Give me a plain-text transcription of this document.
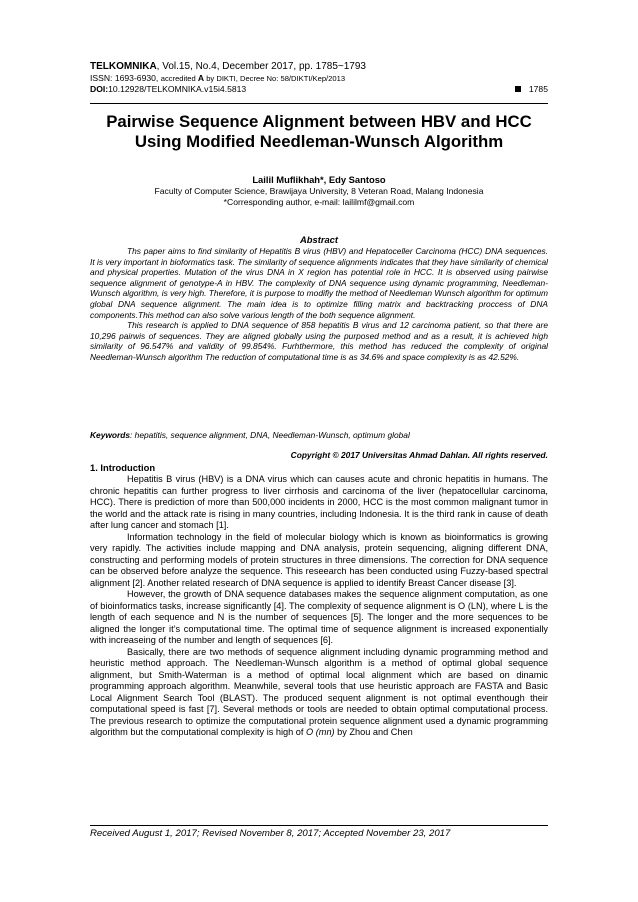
TELKOMNIKA, Vol.15, No.4, December 2017, pp. 1785~1793
ISSN: 1693-6930, accredited A by DIKTI, Decree No: 58/DIKTI/Kep/2013
DOI:10.12928/TELKOMNIKA.v15i4.5813	1785
Pairwise Sequence Alignment between HBV and HCC
Using Modified Needleman-Wunsch Algorithm
Lailil Muflikhah*, Edy Santoso
Faculty of Computer Science, Brawijaya University, 8 Veteran Road, Malang Indonesia
*Corresponding author, e-mail: laililmf@gmail.com
Abstract

Ths paper aims to find similarity of Hepatitis B virus (HBV) and Hepatoceller Carcinoma (HCC) DNA sequences. It is very important in bioformatics task. The similarity of sequence alignments indicates that they have similarity of chemical and physical properties. Mutation of the virus DNA in X region has potential role in HCC. It is observed using pairwise sequence alignment of genotype-A in HBV. The complexity of DNA sequence using dynamic programming, Needleman-Wunsch algorithm, is very high. Therefore, it is purpose to modifiy the method of Needleman Wunsch algorithm for optimum global DNA sequence alignment. The main idea is to optimize filling matrix and backtracking proccess of DNA components.This method can also solve various length of the both sequence alignment.

This research is applied to DNA sequence of 858 hepatitis B virus and 12 carcinoma patient, so that there are 10,296 pairwis of sequences. They are aligned globally using the purposed method and as a result, it is achieved high similarity of 96.547% and validity of 99.854%. Furhthermore, this method has reduced the complexity of original Needleman-Wunsch algorithm The reduction of computational time is as 34.6% and space complexity is as 42.52%.

Keywords: hepatitis, sequence alignment, DNA, Needleman-Wunsch, optimum global
Copyright © 2017 Universitas Ahmad Dahlan. All rights reserved.
1. Introduction

Hepatitis B virus (HBV) is a DNA virus which can causes acute and chronic hepatitis in humans. The chronic hepatitis can further progress to liver cirrhosis and carcinoma of the liver (hepatocellular carcinoma, HCC). There is prediction of more than 500,000 incidents in 2000, HCC is the most common malignant tumor in the world and the attack rate is rising in many countries, including Indonesia. It is the third rank in cause of death after lung cancer and stomach [1].

Information technology in the field of molecular biology which is known as bioinformatics is growing very rapidly. The activities include mapping and DNA analysis, protein sequencing, aligning different DNA, constructing and performing models of protein structures in three dimensions. The correction for DNA sequence can be observed before analyze the sequence. This reseearch has been conducted using Fuzzy-based spectral alignment [2]. Another related research of DNA sequence is applied to identify Breast Cancer disease [3].

However, the growth of DNA sequence databases makes the sequence alignment computation, as one of bioinformatics tasks, increase significantly [4]. The complexity of sequence alignment is O (LN), where L is the length of each sequence and N is the number of sequences [5]. The longer and the more sequences to be aligned the longer it’s computational time. The optimal time of sequence alignment is increased exponentially with increaseing of the number and length of sequences [6].

Basically, there are two methods of sequence alignment including dynamic programming method and heuristic method approach. The Needleman-Wunsch algorithm is a method of optimal global sequence alignment, but Smith-Waterman is a method of optimal local alignment which are based on dinamic programming approach algorithm. Meanwhile, several tools that use heuristic approach are FASTA and Basic Local Alignment Search Tool (BLAST). The produced sequent alignment is not optimal eventhough their computational speed is fast [7]. Several methods or tools are needed to obtain optimal computational process. The previous research to optimize the computational protein sequence alignment used a dynamic programming algorithm but the computational complexity is high of O (mn) by Zhou and Chen

Received August 1, 2017; Revised November 8, 2017; Accepted November 23, 2017
